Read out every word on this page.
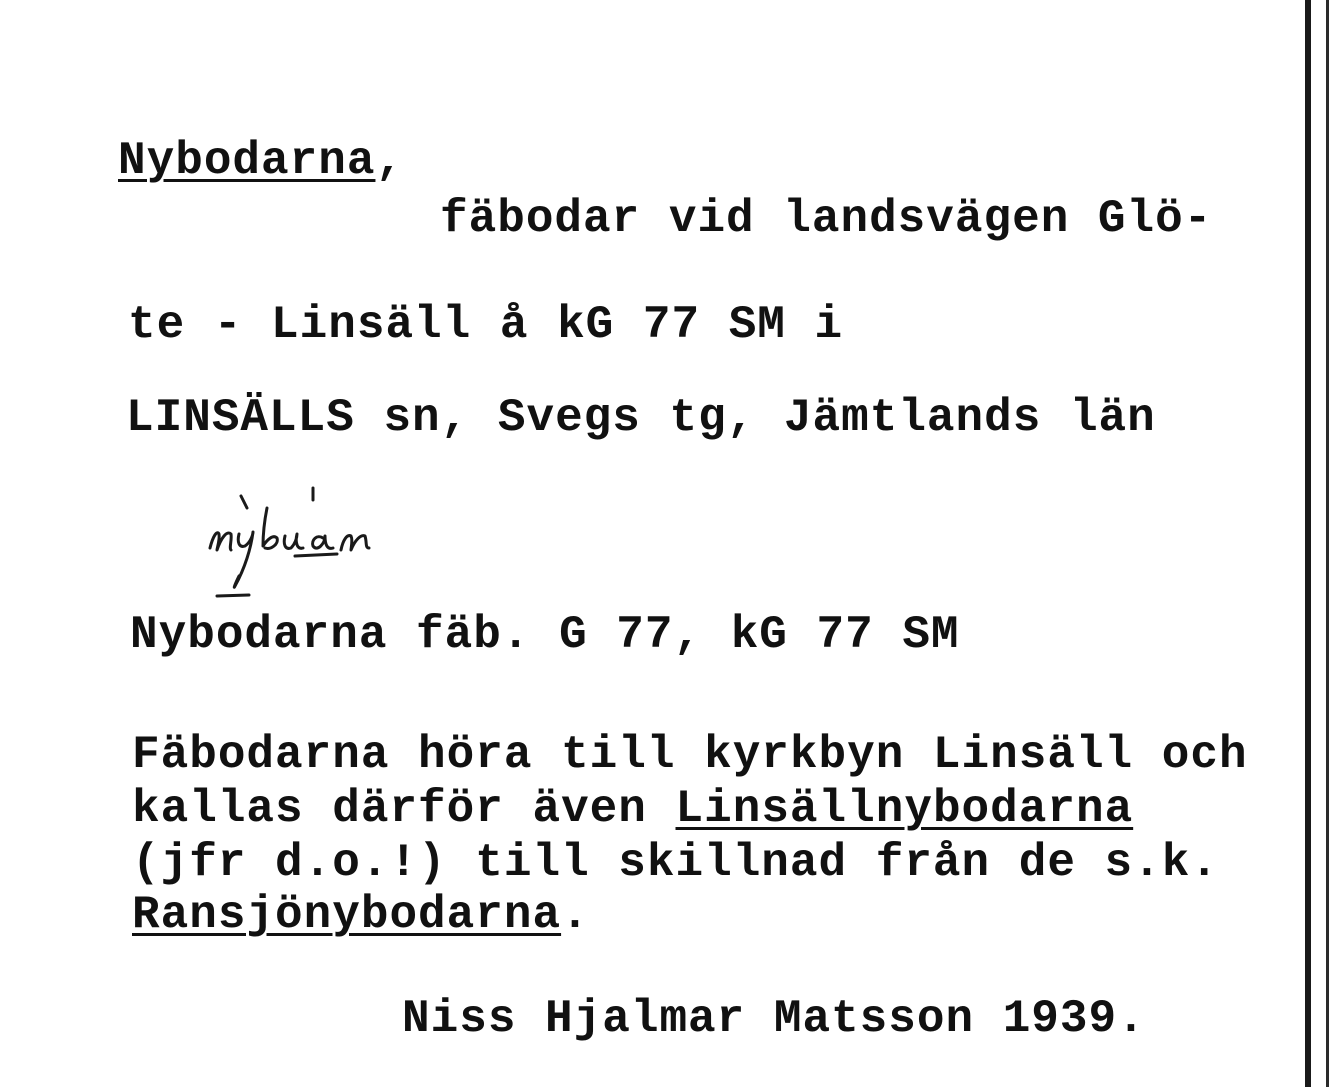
Nybodarna,
fäbodar vid landsvägen Glö-
te - Linsäll å kG 77 SM i
LINSÄLLS sn, Svegs tg, Jämtlands län
Nybodarna fäb. G 77, kG 77 SM
Fäbodarna höra till kyrkbyn Linsäll och
kallas därför även Linsällnybodarna
(jfr d.o.!) till skillnad från de s.k.
Ransjönybodarna.
Niss Hjalmar Matsson 1939.
